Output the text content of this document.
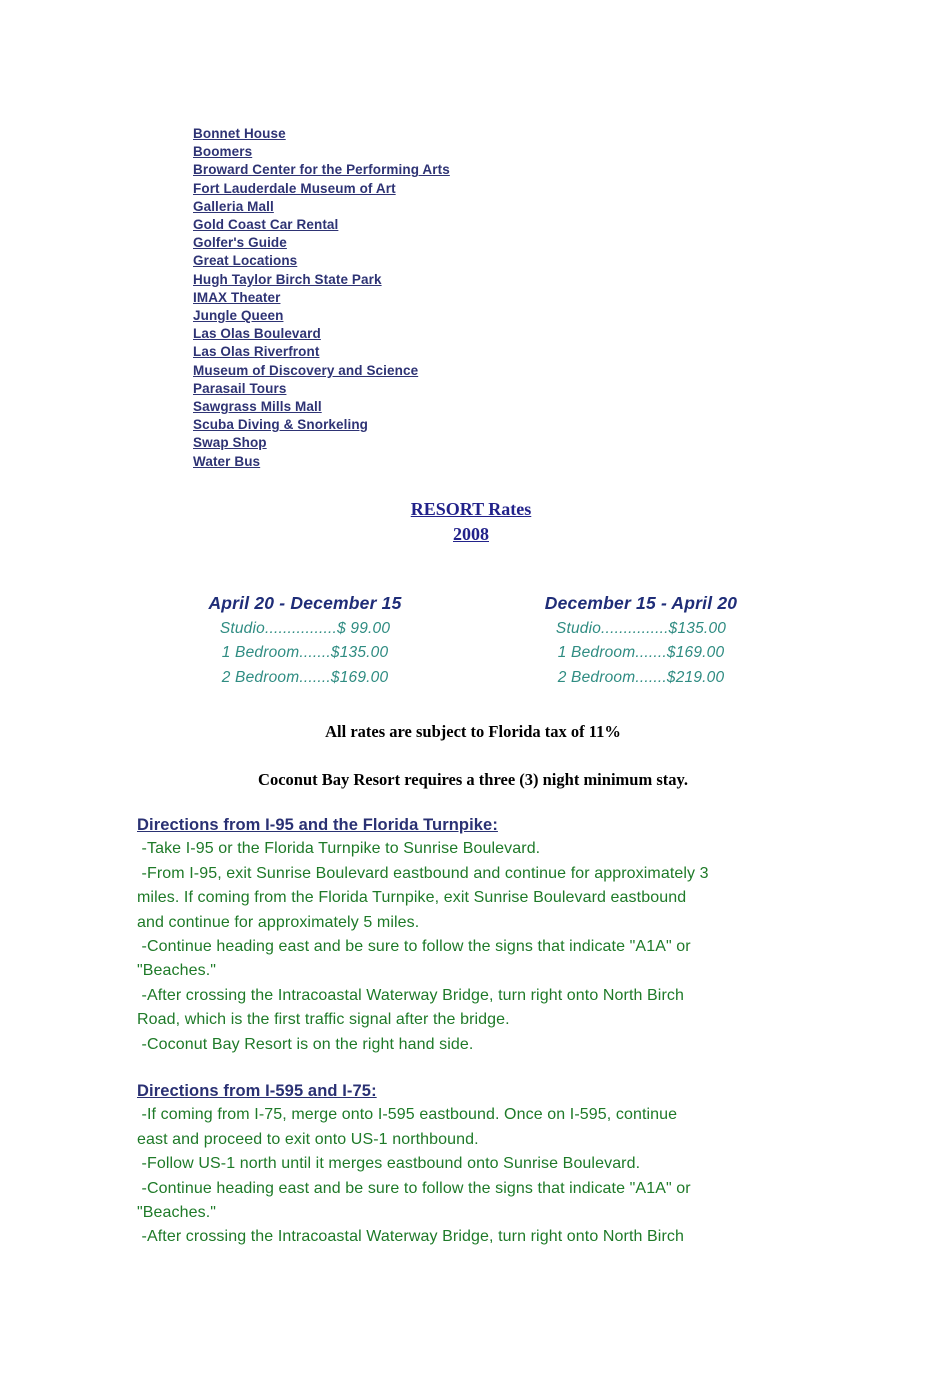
Bonnet House
Boomers
Broward Center for the Performing Arts
Fort Lauderdale Museum of Art
Galleria Mall
Gold Coast Car Rental
Golfer's Guide
Great Locations
Hugh Taylor Birch State Park
IMAX Theater
Jungle Queen
Las Olas Boulevard
Las Olas Riverfront
Museum of Discovery and Science
Parasail Tours
Sawgrass Mills Mall
Scuba Diving & Snorkeling
Swap Shop
Water Bus
RESORT Rates
2008
April 20 - December 15
Studio................$ 99.00
1 Bedroom.......$135.00
2 Bedroom.......$169.00
December 15 - April 20
Studio...............$135.00
1 Bedroom.......$169.00
2 Bedroom.......$219.00
All rates are subject to Florida tax of 11%
Coconut Bay Resort requires a three (3) night minimum stay.
Directions from I-95 and the Florida Turnpike:
-Take I-95 or the Florida Turnpike to Sunrise Boulevard.
-From I-95, exit Sunrise Boulevard eastbound and continue for approximately 3
miles. If coming from the Florida Turnpike, exit Sunrise Boulevard eastbound
and continue for approximately 5 miles.
-Continue heading east and be sure to follow the signs that indicate "A1A" or
"Beaches."
-After crossing the Intracoastal Waterway Bridge, turn right onto North Birch
Road, which is the first traffic signal after the bridge.
-Coconut Bay Resort is on the right hand side.
Directions from I-595 and I-75:
-If coming from I-75, merge onto I-595 eastbound. Once on I-595, continue
east and proceed to exit onto US-1 northbound.
-Follow US-1 north until it merges eastbound onto Sunrise Boulevard.
-Continue heading east and be sure to follow the signs that indicate "A1A" or
"Beaches."
-After crossing the Intracoastal Waterway Bridge, turn right onto North Birch
